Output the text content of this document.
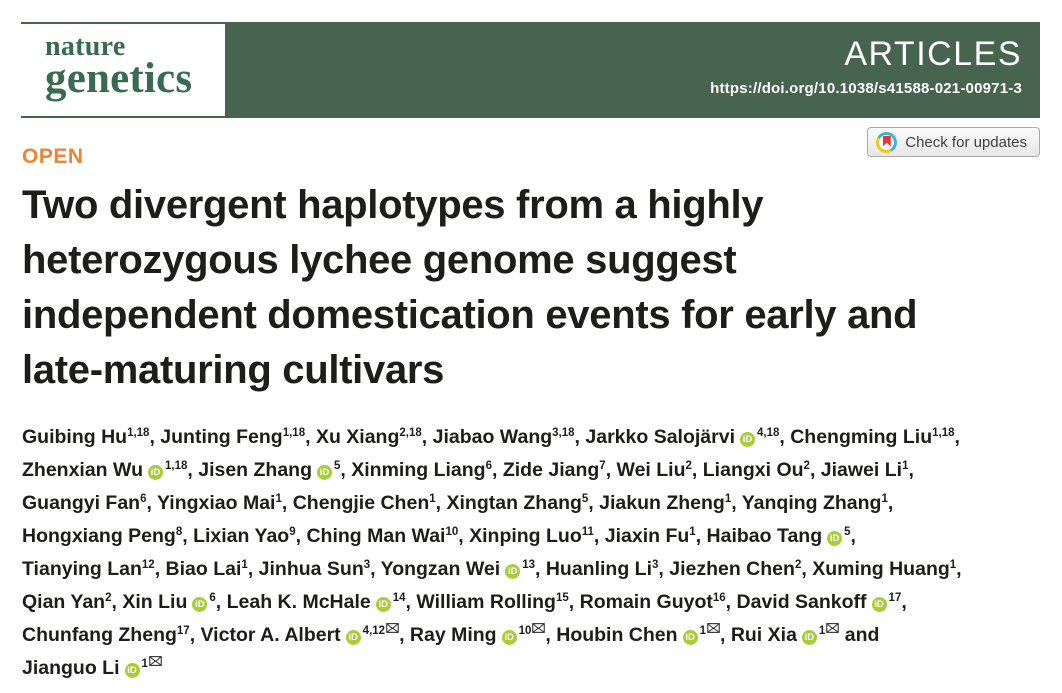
nature
genetics
ARTICLES
https://doi.org/10.1038/s41588-021-00971-3
Check for updates
OPEN
Two divergent haplotypes from a highly
heterozygous lychee genome suggest
independent domestication events for early and
late-maturing cultivars
Guibing Hu$^{1,18}$, Junting Feng$^{1,18}$, Xu Xiang$^{2,18}$, Jiabao Wang$^{3,18}$, Jarkko Salojärvi iD$^{4,18}$, Chengming Liu$^{1,18}$,
Zhenxian Wu iD$^{1,18}$, Jisen Zhang $iD^5$, Xinming Liang$^6$, Zide Jiang$^7$, Wei Liu$^2$, Liangxi Ou$^2$, Jiawei Li$^1$,
Guangyi Fan$^6$, Yingxiao Mai$^1$, Chengjie Chen$^1$, Xingtan Zhang$^5$, Jiakun Zheng$^1$, Yanqing Zhang$^1$,
Hongxiang Peng$^8$, Lixian Yao$^9$, Ching Man Wai$^{10}$, Xinping Luo$^{11}$, Jiaxin Fu$^1$, Haibao Tang $iD^5$,
Tianying Lan$^{12}$, Biao Lai$^1$, Jinhua Sun$^3$, Yongzan Wei $iD^{13}$, Huanling Li$^3$, Jiezhen Chen$^2$, Xuming Huang$^1$,
Qian Yan$^2$, Xin Liu $iD^6$, Leah K. McHale $iD^{14}$, William Rolling$^{15}$, Romain Guyot$^{16}$, David Sankoff $iD^{17}$,
Chunfang Zheng$^{17}$, Victor A. Albert iD$^{4,12}$ , Ray Ming $iD^{10}$ , Houbin Chen $iD^1$ , Rui Xia $iD^1$
and
Jianguo Li $iD^1$
